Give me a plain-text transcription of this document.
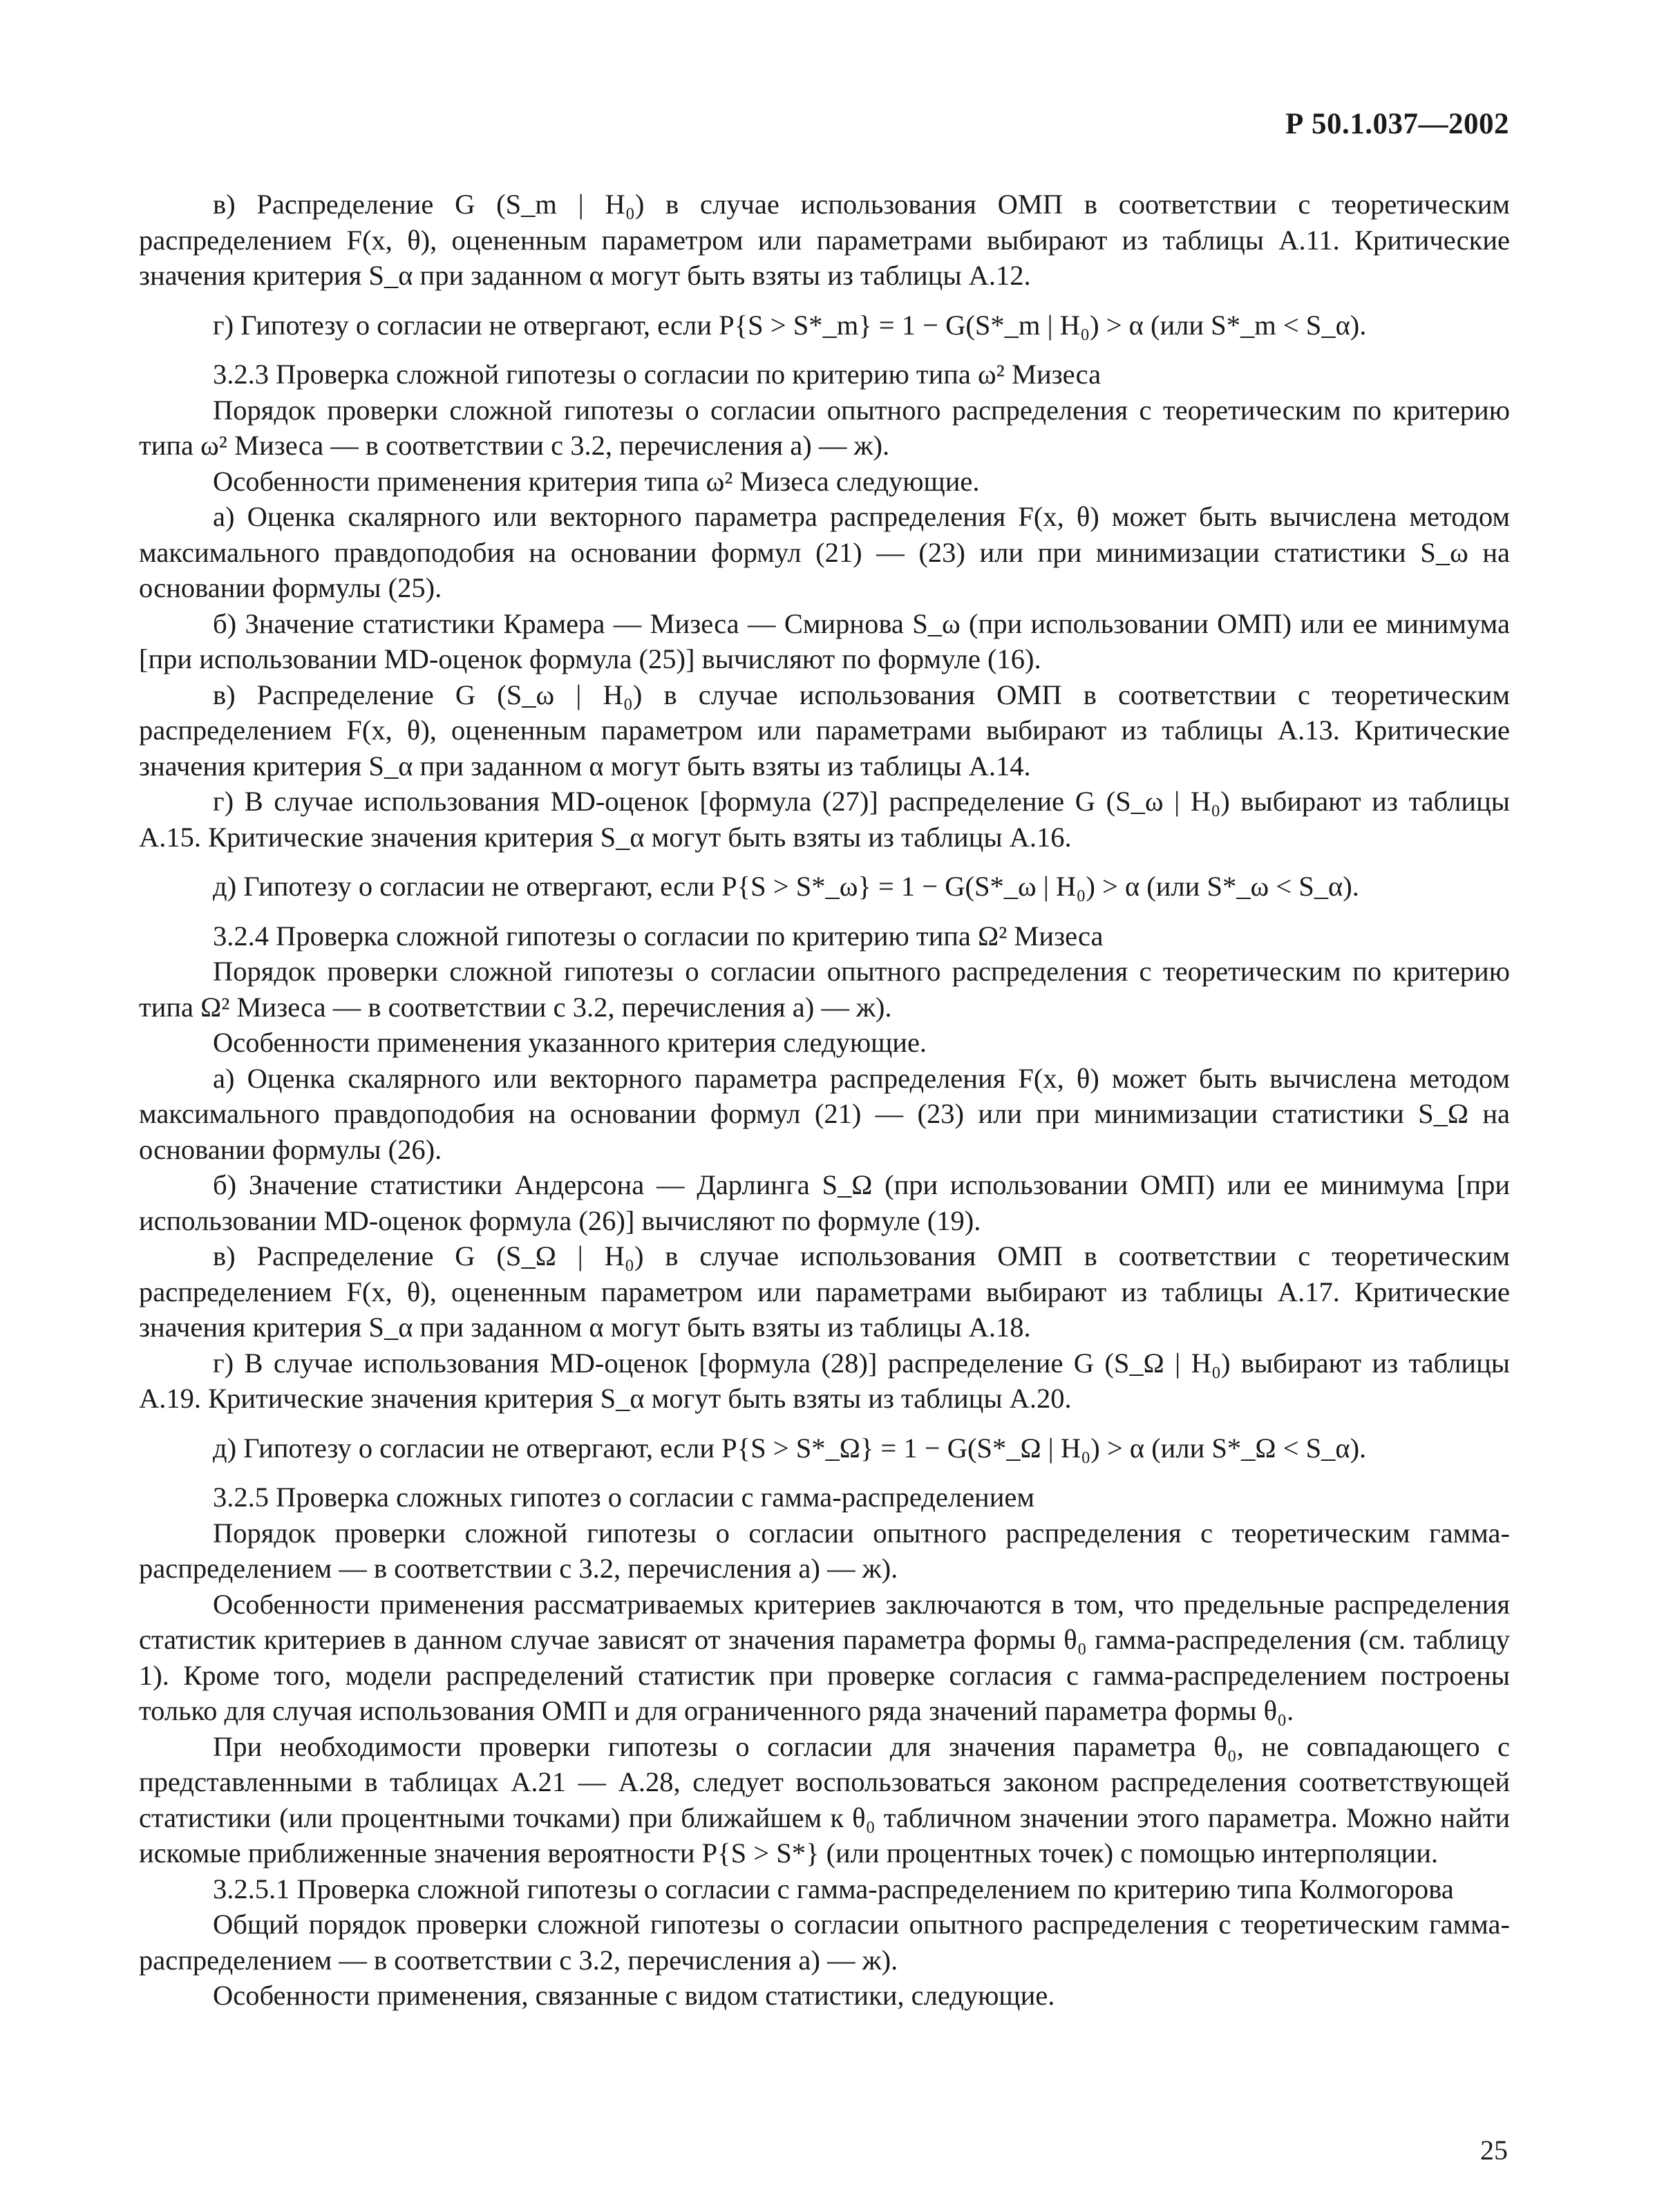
Р 50.1.037—2002

в) Распределение G (S_m | H₀) в случае использования ОМП в соответствии с теоретическим распределением F(x, θ), оцененным параметром или параметрами выбирают из таблицы А.11. Критические значения критерия S_α при заданном α могут быть взяты из таблицы А.12.

г) Гипотезу о согласии не отвергают, если P{S > S*_m} = 1 − G(S*_m | H₀) > α (или S*_m < S_α).

3.2.3 Проверка сложной гипотезы о согласии по критерию типа ω² Мизеса

Порядок проверки сложной гипотезы о согласии опытного распределения с теоретическим по критерию типа ω² Мизеса — в соответствии с 3.2, перечисления а) — ж).

Особенности применения критерия типа ω² Мизеса следующие.

а) Оценка скалярного или векторного параметра распределения F(x, θ) может быть вычислена методом максимального правдоподобия на основании формул (21) — (23) или при минимизации статистики S_ω на основании формулы (25).

б) Значение статистики Крамера — Мизеса — Смирнова S_ω (при использовании ОМП) или ее минимума [при использовании MD-оценок формула (25)] вычисляют по формуле (16).

в) Распределение G (S_ω | H₀) в случае использования ОМП в соответствии с теоретическим распределением F(x, θ), оцененным параметром или параметрами выбирают из таблицы А.13. Критические значения критерия S_α при заданном α могут быть взяты из таблицы А.14.

г) В случае использования MD-оценок [формула (27)] распределение G (S_ω | H₀) выбирают из таблицы А.15. Критические значения критерия S_α могут быть взяты из таблицы А.16.

д) Гипотезу о согласии не отвергают, если P{S > S*_ω} = 1 − G(S*_ω | H₀) > α (или S*_ω < S_α).

3.2.4 Проверка сложной гипотезы о согласии по критерию типа Ω² Мизеса

Порядок проверки сложной гипотезы о согласии опытного распределения с теоретическим по критерию типа Ω² Мизеса — в соответствии с 3.2, перечисления а) — ж).

Особенности применения указанного критерия следующие.

а) Оценка скалярного или векторного параметра распределения F(x, θ) может быть вычислена методом максимального правдоподобия на основании формул (21) — (23) или при минимизации статистики S_Ω на основании формулы (26).

б) Значение статистики Андерсона — Дарлинга S_Ω (при использовании ОМП) или ее минимума [при использовании MD-оценок формула (26)] вычисляют по формуле (19).

в) Распределение G (S_Ω | H₀) в случае использования ОМП в соответствии с теоретическим распределением F(x, θ), оцененным параметром или параметрами выбирают из таблицы А.17. Критические значения критерия S_α при заданном α могут быть взяты из таблицы А.18.

г) В случае использования MD-оценок [формула (28)] распределение G (S_Ω | H₀) выбирают из таблицы А.19. Критические значения критерия S_α могут быть взяты из таблицы А.20.

д) Гипотезу о согласии не отвергают, если P{S > S*_Ω} = 1 − G(S*_Ω | H₀) > α (или S*_Ω < S_α).

3.2.5 Проверка сложных гипотез о согласии с гамма-распределением

Порядок проверки сложной гипотезы о согласии опытного распределения с теоретическим гамма-распределением — в соответствии с 3.2, перечисления а) — ж).

Особенности применения рассматриваемых критериев заключаются в том, что предельные распределения статистик критериев в данном случае зависят от значения параметра формы θ₀ гамма-распределения (см. таблицу 1). Кроме того, модели распределений статистик при проверке согласия с гамма-распределением построены только для случая использования ОМП и для ограниченного ряда значений параметра формы θ₀.

При необходимости проверки гипотезы о согласии для значения параметра θ₀, не совпадающего с представленными в таблицах А.21 — А.28, следует воспользоваться законом распределения соответствующей статистики (или процентными точками) при ближайшем к θ₀ табличном значении этого параметра. Можно найти искомые приближенные значения вероятности P{S > S*} (или процентных точек) с помощью интерполяции.

3.2.5.1 Проверка сложной гипотезы о согласии с гамма-распределением по критерию типа Колмогорова

Общий порядок проверки сложной гипотезы о согласии опытного распределения с теоретическим гамма-распределением — в соответствии с 3.2, перечисления а) — ж).

Особенности применения, связанные с видом статистики, следующие.

25
